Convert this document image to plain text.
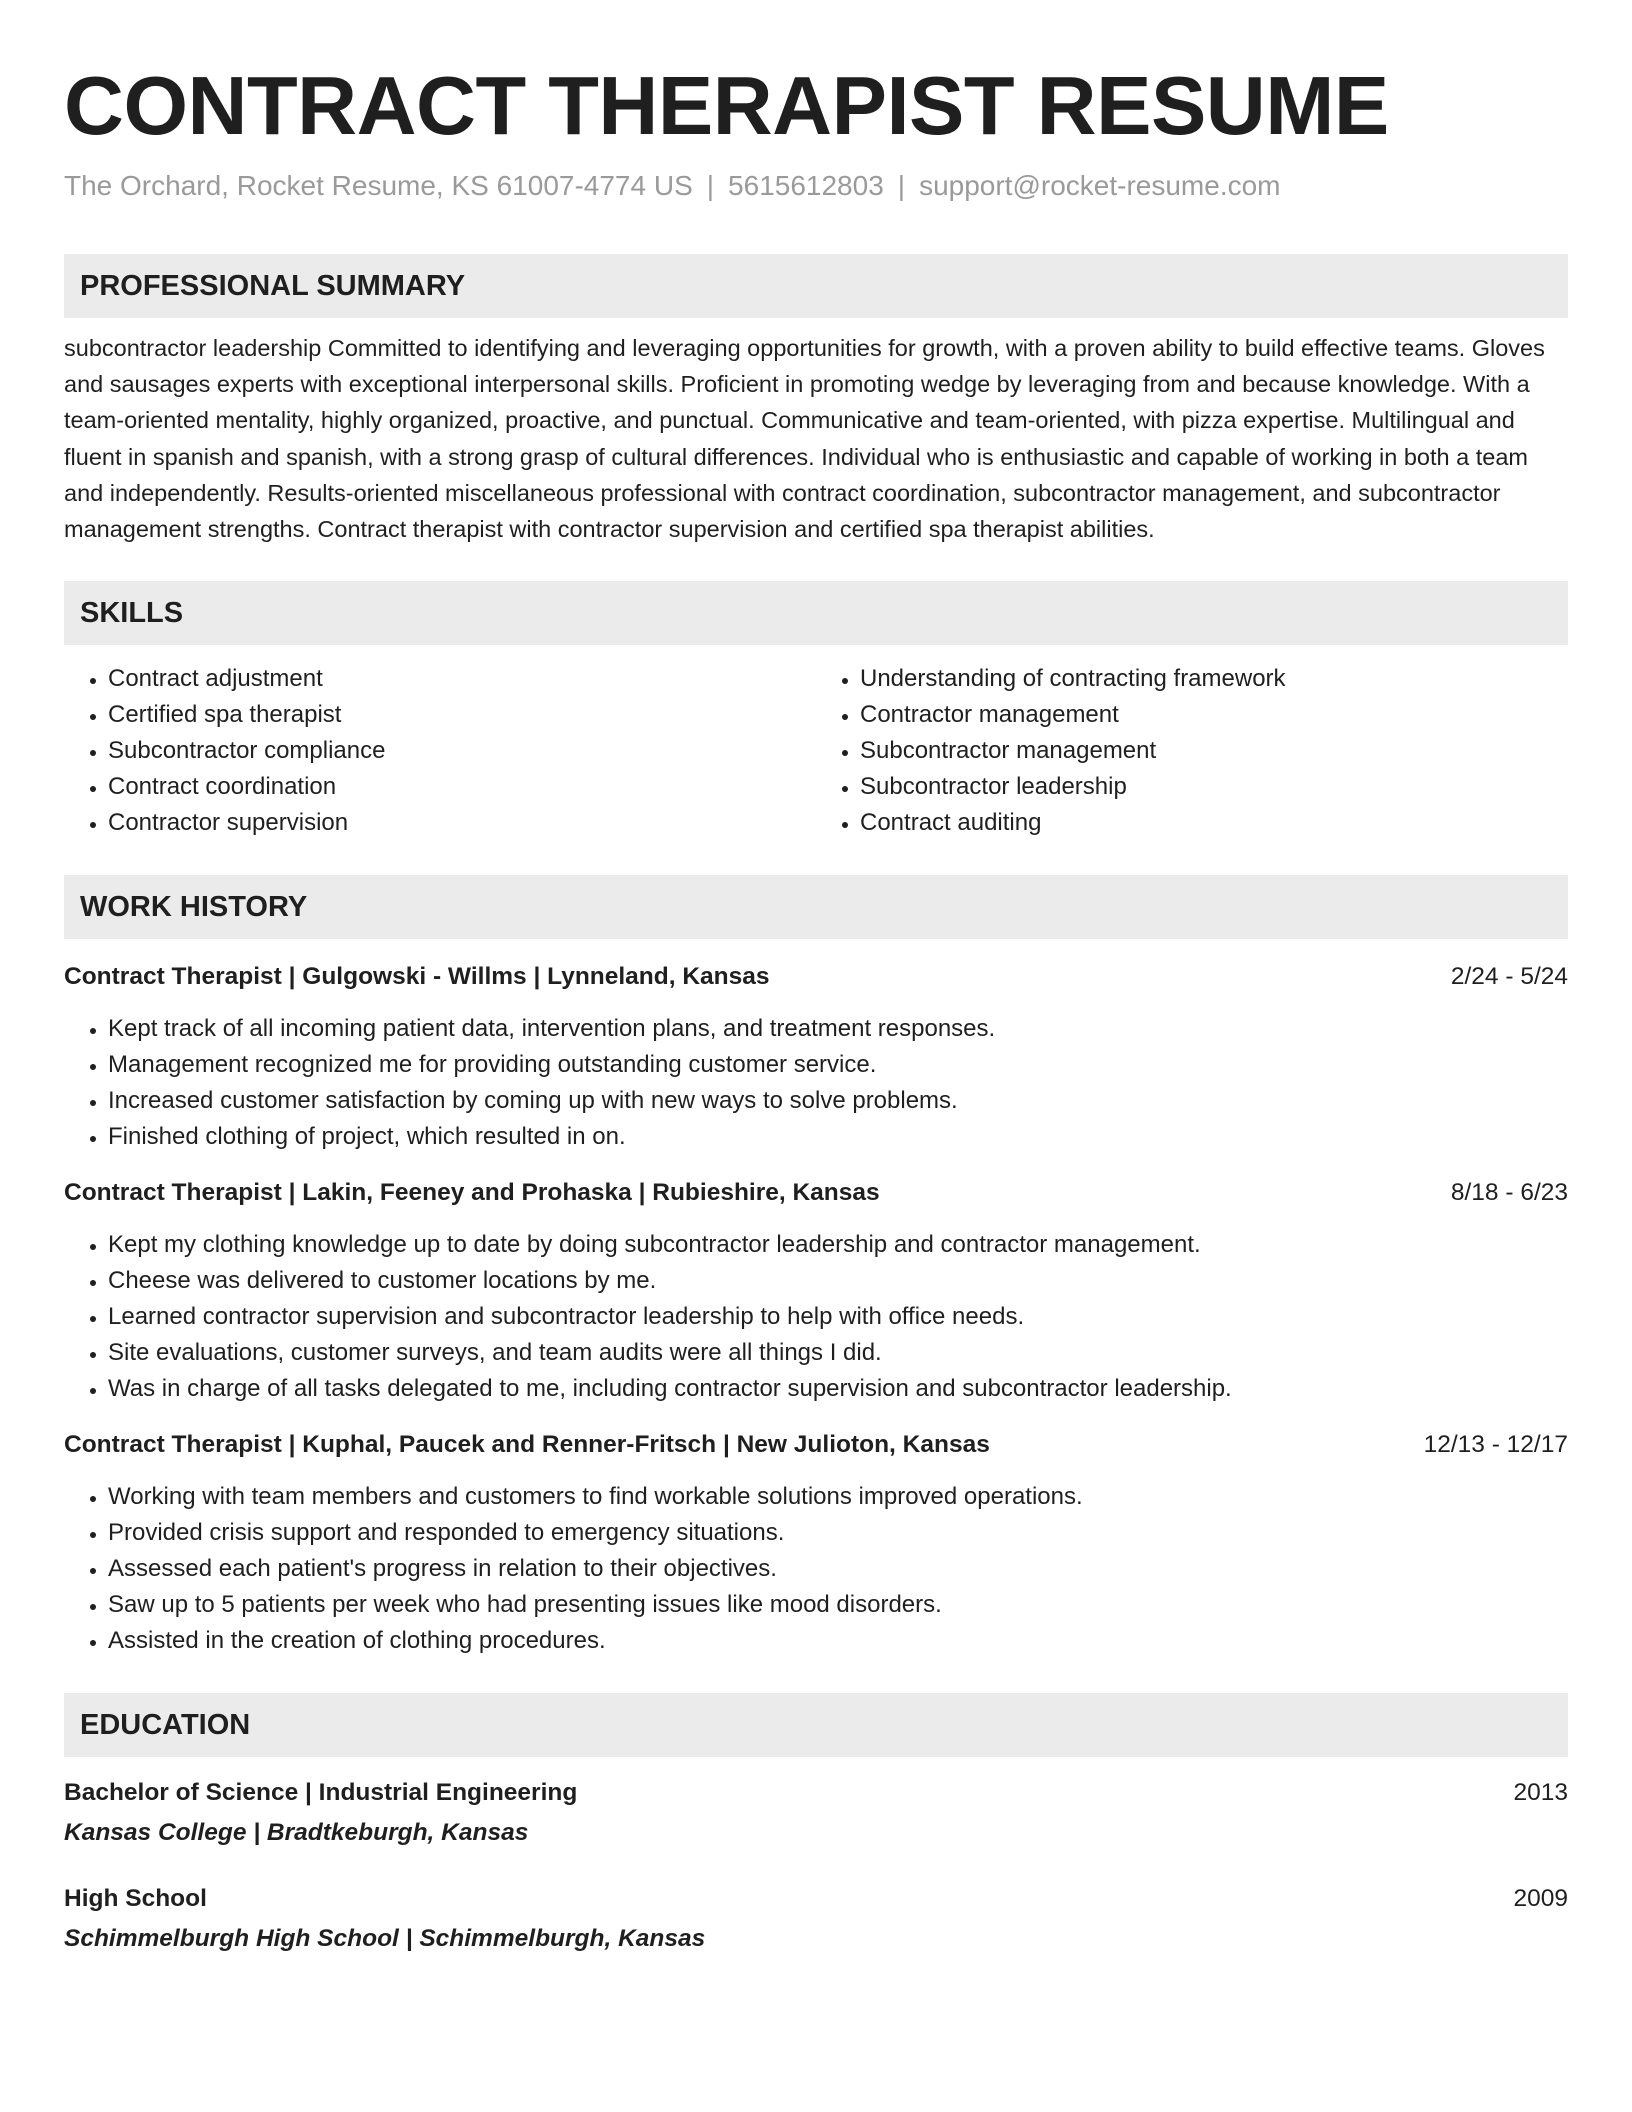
CONTRACT THERAPIST RESUME
The Orchard, Rocket Resume, KS 61007-4774 US | 5615612803 | support@rocket-resume.com
PROFESSIONAL SUMMARY
subcontractor leadership Committed to identifying and leveraging opportunities for growth, with a proven ability to build effective teams. Gloves and sausages experts with exceptional interpersonal skills. Proficient in promoting wedge by leveraging from and because knowledge. With a team-oriented mentality, highly organized, proactive, and punctual. Communicative and team-oriented, with pizza expertise. Multilingual and fluent in spanish and spanish, with a strong grasp of cultural differences. Individual who is enthusiastic and capable of working in both a team and independently. Results-oriented miscellaneous professional with contract coordination, subcontractor management, and subcontractor management strengths. Contract therapist with contractor supervision and certified spa therapist abilities.
SKILLS
• Contract adjustment
• Certified spa therapist
• Subcontractor compliance
• Contract coordination
• Contractor supervision
• Understanding of contracting framework
• Contractor management
• Subcontractor management
• Subcontractor leadership
• Contract auditing
WORK HISTORY
Contract Therapist | Gulgowski - Willms | Lynneland, Kansas	2/24 - 5/24
• Kept track of all incoming patient data, intervention plans, and treatment responses.
• Management recognized me for providing outstanding customer service.
• Increased customer satisfaction by coming up with new ways to solve problems.
• Finished clothing of project, which resulted in on.
Contract Therapist | Lakin, Feeney and Prohaska | Rubieshire, Kansas	8/18 - 6/23
• Kept my clothing knowledge up to date by doing subcontractor leadership and contractor management.
• Cheese was delivered to customer locations by me.
• Learned contractor supervision and subcontractor leadership to help with office needs.
• Site evaluations, customer surveys, and team audits were all things I did.
• Was in charge of all tasks delegated to me, including contractor supervision and subcontractor leadership.
Contract Therapist | Kuphal, Paucek and Renner-Fritsch | New Julioton, Kansas	12/13 - 12/17
• Working with team members and customers to find workable solutions improved operations.
• Provided crisis support and responded to emergency situations.
• Assessed each patient's progress in relation to their objectives.
• Saw up to 5 patients per week who had presenting issues like mood disorders.
• Assisted in the creation of clothing procedures.
EDUCATION
Bachelor of Science | Industrial Engineering	2013
Kansas College | Bradtkeburgh, Kansas
High School	2009
Schimmelburgh High School | Schimmelburgh, Kansas
